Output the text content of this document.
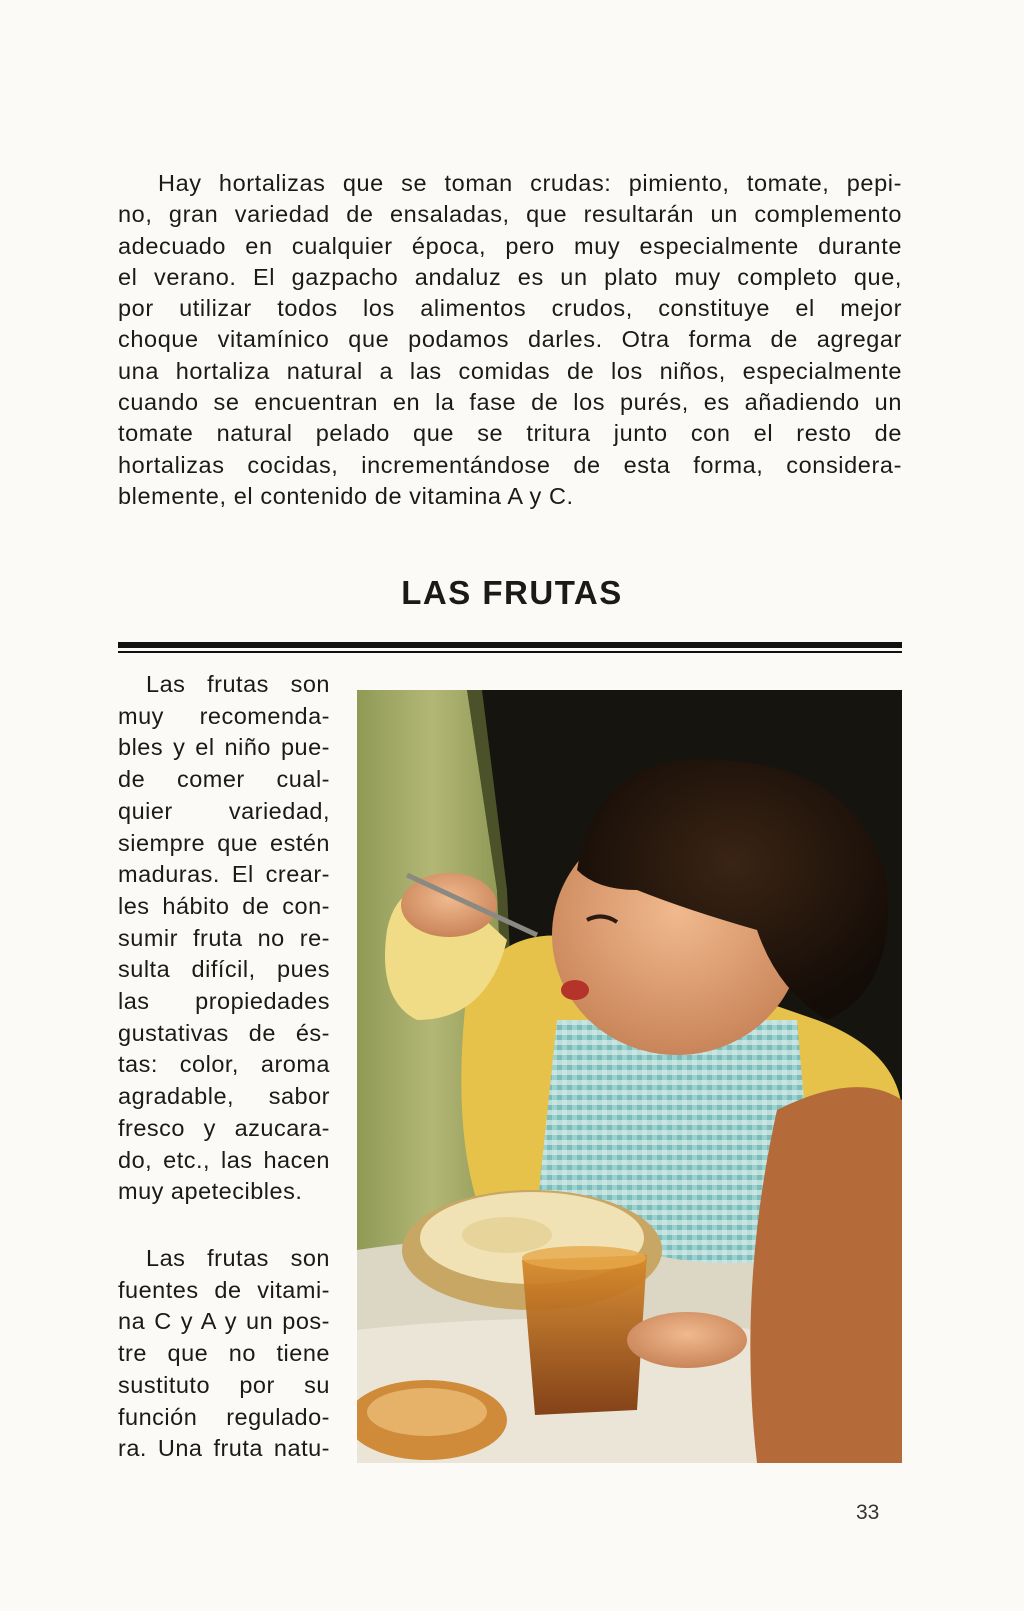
Hay hortalizas que se toman crudas: pimiento, tomate, pepi-
no, gran variedad de ensaladas, que resultarán un complemento
adecuado en cualquier época, pero muy especialmente durante
el verano. El gazpacho andaluz es un plato muy completo que,
por utilizar todos los alimentos crudos, constituye el mejor
choque vitamínico que podamos darles. Otra forma de agregar
una hortaliza natural a las comidas de los niños, especialmente
cuando se encuentran en la fase de los purés, es añadiendo un
tomate natural pelado que se tritura junto con el resto de
hortalizas cocidas, incrementándose de esta forma, considera-
blemente, el contenido de vitamina A y C.
LAS FRUTAS
Las frutas son
muy recomenda-
bles y el niño pue-
de comer cual-
quier variedad,
siempre que estén
maduras. El crear-
les hábito de con-
sumir fruta no re-
sulta difícil, pues
las propiedades
gustativas de és-
tas: color, aroma
agradable, sabor
fresco y azucara-
do, etc., las hacen
muy apetecibles.
Las frutas son
fuentes de vitami-
na C y A y un pos-
tre que no tiene
sustituto por su
función regulado-
ra. Una fruta natu-
33
